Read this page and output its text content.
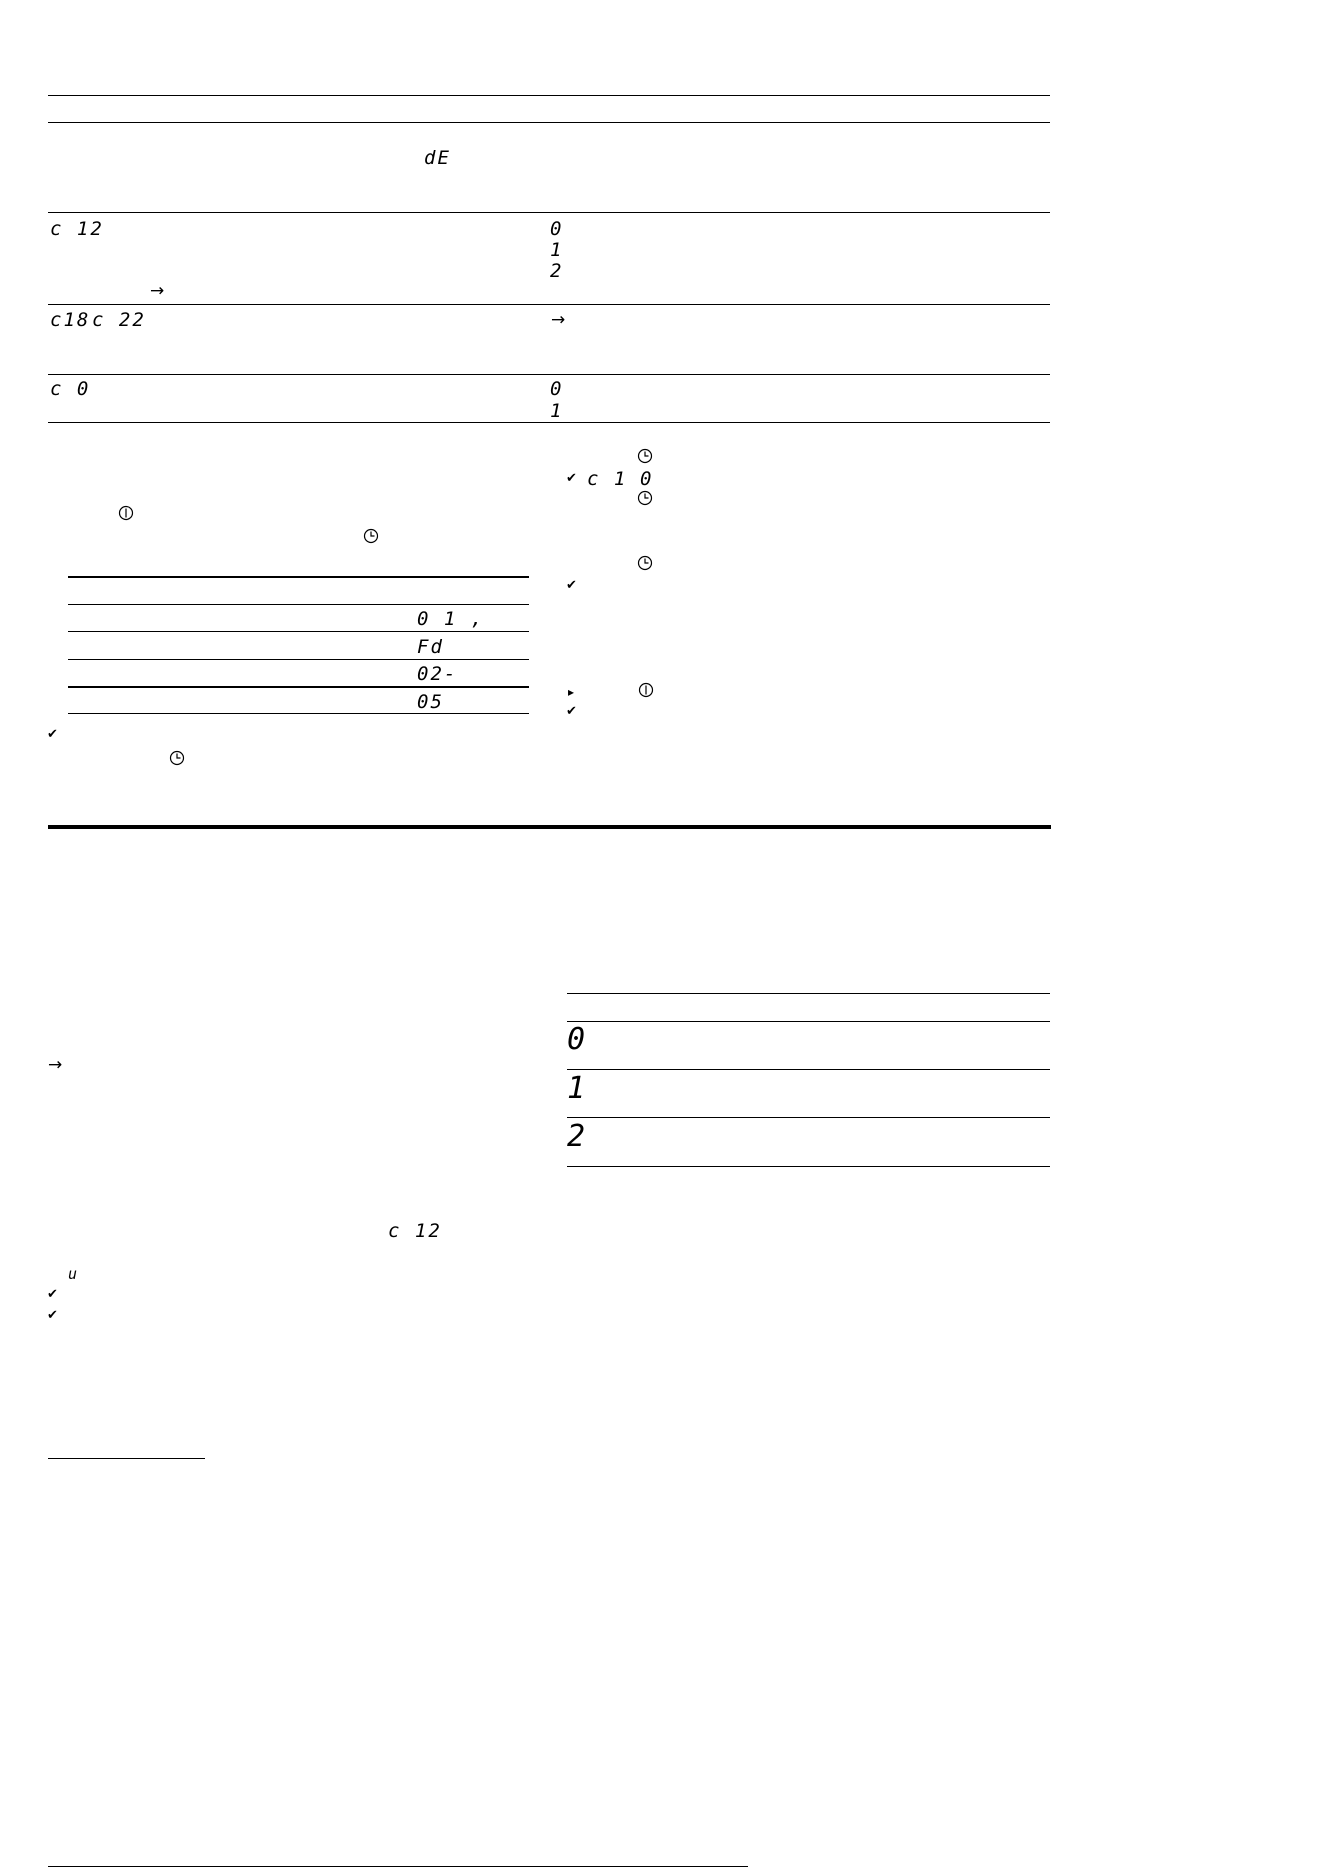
dE
c 12
→
0
1
2
c18 c 22	→
c 0	0
1
0 1 ,
Fd
02-
05
✔
✔ c 1 0
✔
▸
✔
→
c 12
u
✔
✔
0
1
2
